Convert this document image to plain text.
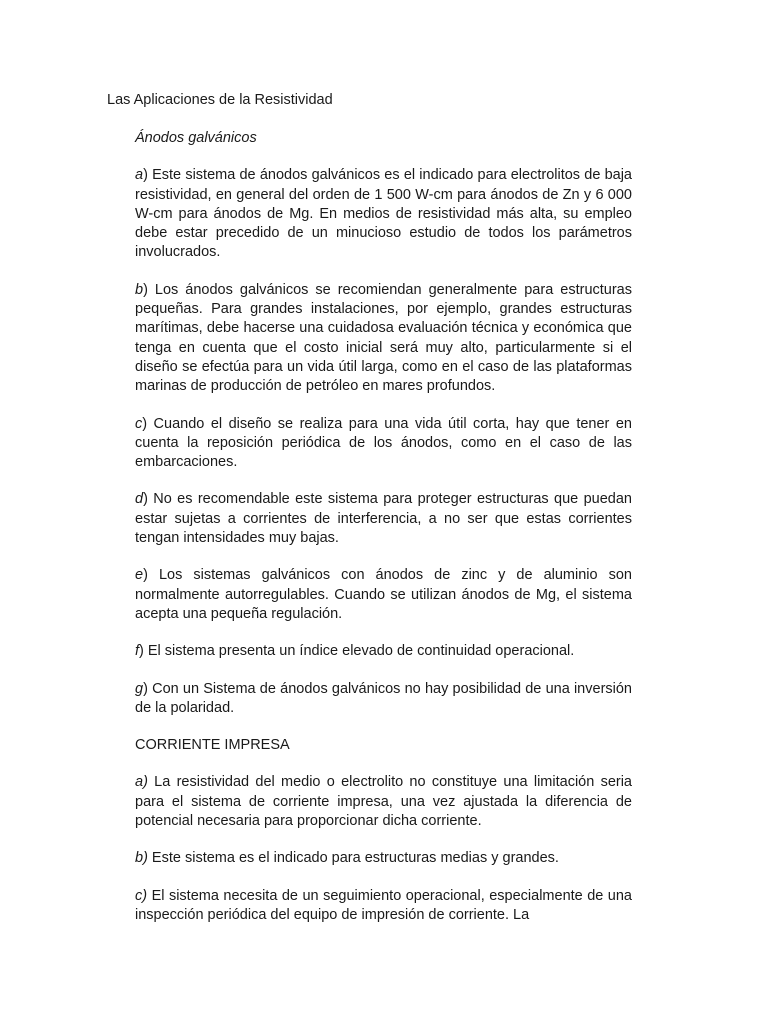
Las Aplicaciones de la Resistividad
Ánodos galvánicos

a) Este sistema de ánodos galvánicos es el indicado para electrolitos de baja resistividad, en general del orden de 1 500 W-cm para ánodos de Zn y 6 000 W-cm para ánodos de Mg. En medios de resistividad más alta, su empleo debe estar precedido de un minucioso estudio de todos los parámetros involucrados.

b) Los ánodos galvánicos se recomiendan generalmente para estructuras pequeñas. Para grandes instalaciones, por ejemplo, grandes estructuras marítimas, debe hacerse una cuidadosa evaluación técnica y económica que tenga en cuenta que el costo inicial será muy alto, particularmente si el diseño se efectúa para un vida útil larga, como en el caso de las plataformas marinas de producción de petróleo en mares profundos.

c) Cuando el diseño se realiza para una vida útil corta, hay que tener en cuenta la reposición periódica de los ánodos, como en el caso de las embarcaciones.

d) No es recomendable este sistema para proteger estructuras que puedan estar sujetas a corrientes de interferencia, a no ser que estas corrientes tengan intensidades muy bajas.

e) Los sistemas galvánicos con ánodos de zinc y de aluminio son normalmente autorregulables. Cuando se utilizan ánodos de Mg, el sistema acepta una pequeña regulación.

f) El sistema presenta un índice elevado de continuidad operacional.

g) Con un Sistema de ánodos galvánicos no hay posibilidad de una inversión de la polaridad.

CORRIENTE IMPRESA

a) La resistividad del medio o electrolito no constituye una limitación seria para el sistema de corriente impresa, una vez ajustada la diferencia de potencial necesaria para proporcionar dicha corriente.

b) Este sistema es el indicado para estructuras medias y grandes.

c) El sistema necesita de un seguimiento operacional, especialmente de una inspección periódica del equipo de impresión de corriente. La
